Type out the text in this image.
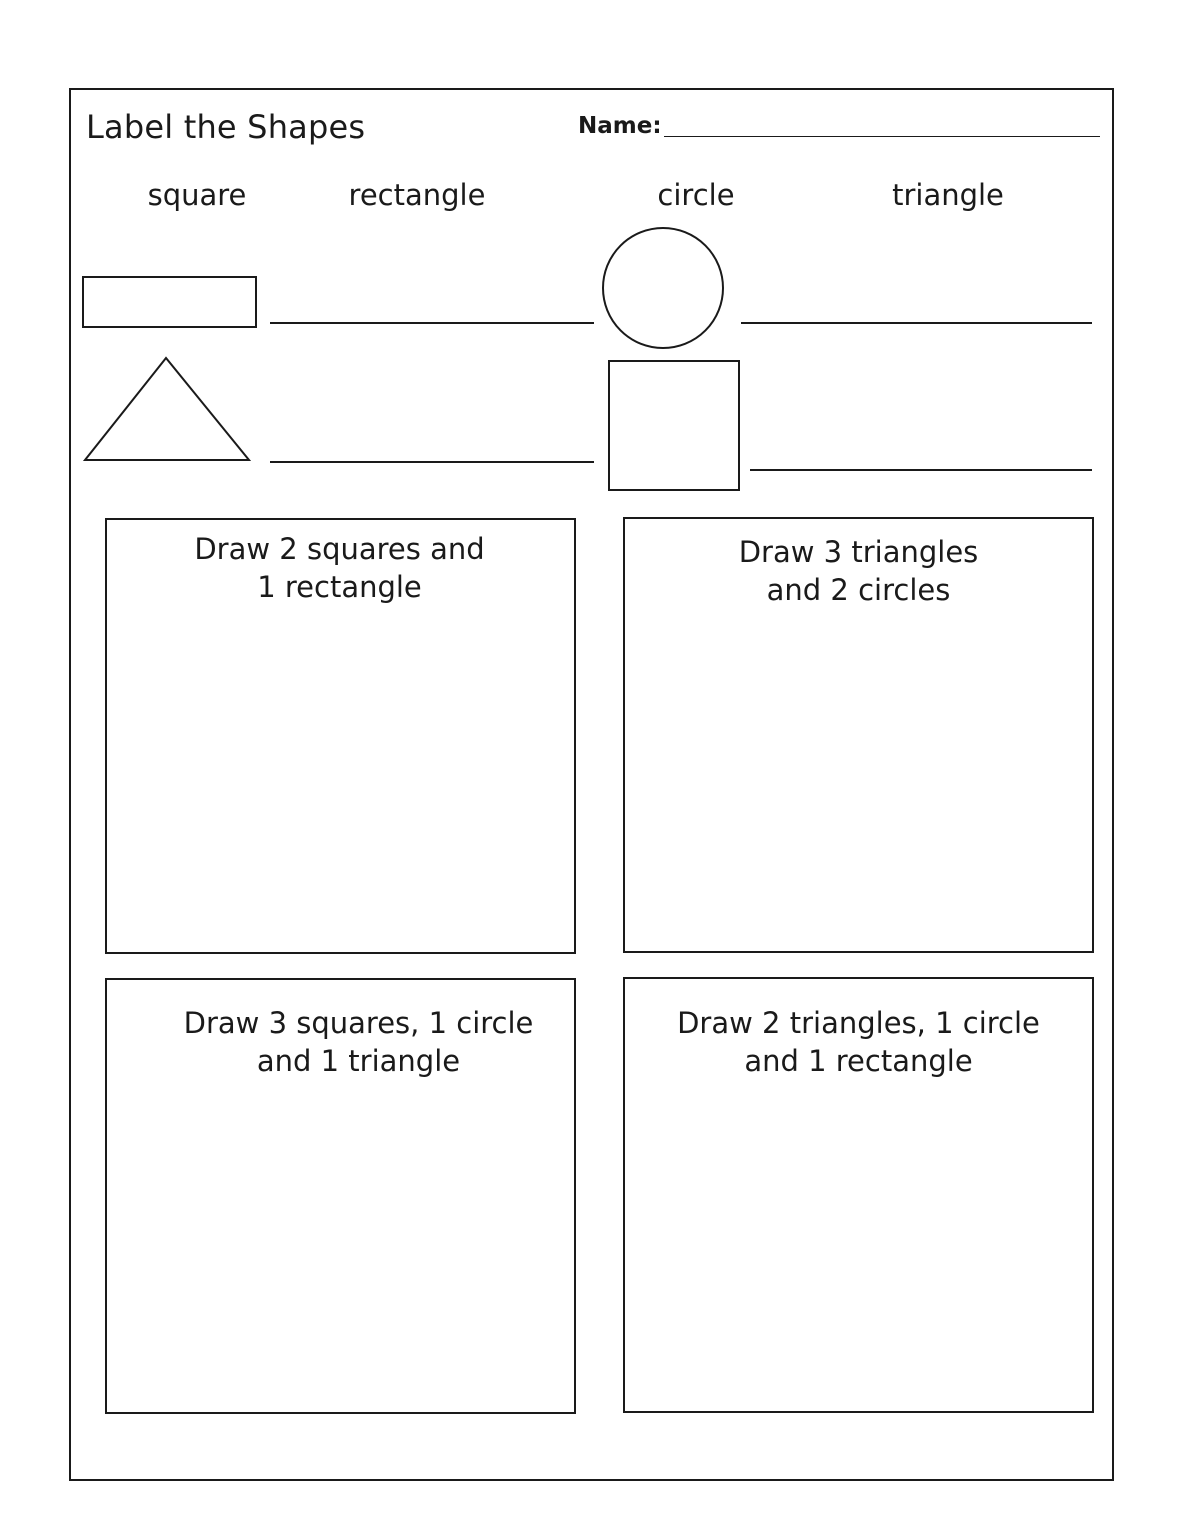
Label the Shapes	Name:
square	rectangle	circle	triangle
Draw 2 squares and
1 rectangle
Draw 3 triangles
and 2 circles
Draw 3 squares, 1 circle
and 1 triangle
Draw 2 triangles, 1 circle
and 1 rectangle
